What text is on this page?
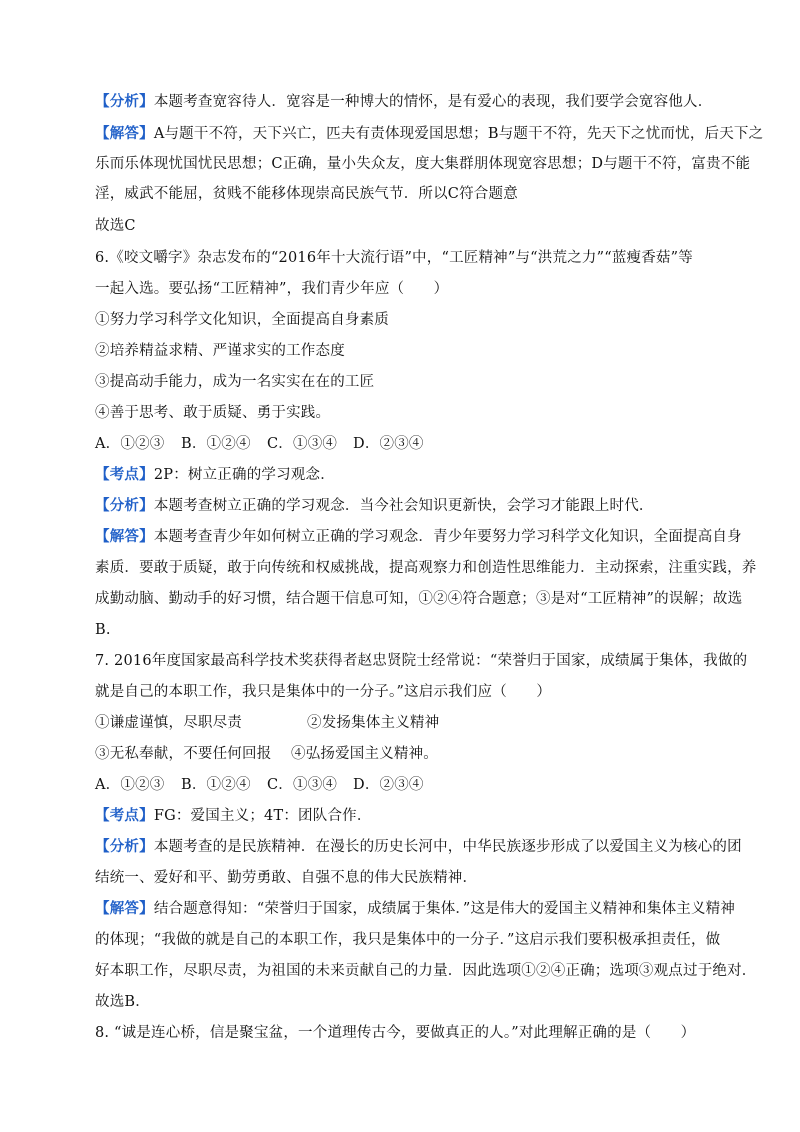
【分析】本题考查宽容待人．宽容是一种博大的情怀，是有爱心的表现，我们要学会宽容他人．
【解答】A与题干不符，天下兴亡，匹夫有责体现爱国思想；B与题干不符，先天下之忧而忧，后天下之
乐而乐体现忧国忧民思想；C正确，量小失众友，度大集群朋体现宽容思想；D与题干不符，富贵不能
淫，威武不能屈，贫贱不能移体现崇高民族气节．所以C符合题意
故选C
6.《咬文嚼字》杂志发布的“2016年十大流行语”中，“工匠精神”与“洪荒之力”“蓝瘦香菇”等
一起入选。要弘扬“工匠精神”，我们青少年应（　　）
①努力学习科学文化知识，全面提高自身素质
②培养精益求精、严谨求实的工作态度
③提高动手能力，成为一名实实在在的工匠
④善于思考、敢于质疑、勇于实践。
A．①②③ B．①②④ C．①③④ D．②③④
【考点】2P：树立正确的学习观念．
【分析】本题考查树立正确的学习观念．当今社会知识更新快，会学习才能跟上时代．
【解答】本题考查青少年如何树立正确的学习观念．青少年要努力学习科学文化知识，全面提高自身
素质．要敢于质疑，敢于向传统和权威挑战，提高观察力和创造性思维能力．主动探索，注重实践，养
成勤动脑、勤动手的好习惯，结合题干信息可知，①②④符合题意；③是对“工匠精神”的误解；故选
B.
7. 2016年度国家最高科学技术奖获得者赵忠贤院士经常说：“荣誉归于国家，成绩属于集体，我做的
就是自己的本职工作，我只是集体中的一分子。”这启示我们应（　　）
①谦虚谨慎，尽职尽责	②发扬集体主义精神
③无私奉献，不要任何回报 ④弘扬爱国主义精神。
A．①②③ B．①②④ C．①③④ D．②③④
【考点】FG：爱国主义；4T：团队合作．
【分析】本题考查的是民族精神．在漫长的历史长河中，中华民族逐步形成了以爱国主义为核心的团
结统一、爱好和平、勤劳勇敢、自强不息的伟大民族精神．
【解答】结合题意得知：“荣誉归于国家，成绩属于集体．”这是伟大的爱国主义精神和集体主义精神
的体现；“我做的就是自己的本职工作，我只是集体中的一分子．”这启示我们要积极承担责任，做
好本职工作，尽职尽责，为祖国的未来贡献自己的力量．因此选项①②④正确；选项③观点过于绝对．
故选B．
8. “诚是连心桥，信是聚宝盆，一个道理传古今，要做真正的人。”对此理解正确的是（　　）
